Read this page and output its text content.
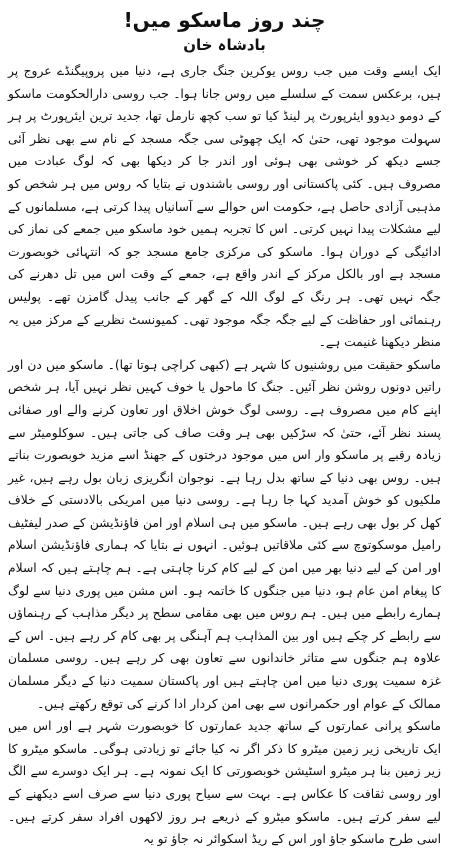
چند روز ماسکو میں!
بادشاہ خان

ایک ایسے وقت میں جب روس یوکرین جنگ جاری ہے، دنیا میں پروپیگنڈے عروج پر ہیں، برعکس سمت کے سلسلے میں روس جانا ہوا۔ جب روسی دارالحکومت ماسکو کے دومو دیدوو ایئرپورٹ پر لینڈ کیا تو سب کچھ نارمل تھا، جدید ترین ایئرپورٹ پر ہر سہولت موجود تھی، حتیٰ کہ ایک چھوٹی سی جگہ مسجد کے نام سے بھی نظر آئی جسے دیکھ کر خوشی بھی ہوئی اور اندر جا کر دیکھا بھی کہ لوگ عبادت میں مصروف ہیں۔ کئی پاکستانی اور روسی باشندوں نے بتایا کہ روس میں ہر شخص کو مذہبی آزادی حاصل ہے، حکومت اس حوالے سے آسانیاں پیدا کرتی ہے، مسلمانوں کے لیے مشکلات پیدا نہیں کرتی۔ اس کا تجربہ ہمیں خود ماسکو میں جمعے کی نماز کی ادائیگی کے دوران ہوا۔ ماسکو کی مرکزی جامع مسجد جو کہ انتہائی خوبصورت مسجد ہے اور بالکل مرکز کے اندر واقع ہے، جمعے کے وقت اس میں تل دھرنے کی جگہ نہیں تھی۔ ہر رنگ کے لوگ اللہ کے گھر کے جانب پیدل گامزن تھے۔ پولیس رہنمائی اور حفاظت کے لیے جگہ جگہ موجود تھی۔ کمیونسٹ نظریے کے مرکز میں یہ منظر دیکھنا غنیمت ہے۔

ماسکو حقیقت میں روشنیوں کا شہر ہے (کبھی کراچی ہوتا تھا)۔ ماسکو میں دن اور راتیں دونوں روشن نظر آئیں۔ جنگ کا ماحول یا خوف کہیں نظر نہیں آیا، ہر شخص اپنے کام میں مصروف ہے۔ روسی لوگ خوش اخلاق اور تعاون کرنے والے اور صفائی پسند نظر آئے، حتیٰ کہ سڑکیں بھی ہر وقت صاف کی جاتی ہیں۔ سوکلومیٹر سے زیادہ رقبے پر ماسکو وار اس میں موجود درختوں کے جھنڈ اسے مزید خوبصورت بناتے ہیں۔ روس بھی دنیا کے ساتھ بدل رہا ہے۔ نوجوان انگریزی زبان بول رہے ہیں، غیر ملکیوں کو خوش آمدید کہا جا رہا ہے۔ روسی دنیا میں امریکی بالادستی کے خلاف کھل کر بول بھی رہے ہیں۔ ماسکو میں ہی اسلام اور امن فاؤنڈیشن کے صدر لیفٹیف رامیل موسکوتوچ سے کئی ملاقاتیں ہوئیں۔ انہوں نے بتایا کہ ہماری فاؤنڈیشن اسلام اور امن کے لیے دنیا بھر میں امن کے لیے کام کرنا چاہتی ہے۔ ہم چاہتے ہیں کہ اسلام کا پیغام امن عام ہو، دنیا میں جنگوں کا خاتمہ ہو۔ اس مشن میں پوری دنیا سے لوگ ہمارے رابطے میں ہیں۔ ہم روس میں بھی مقامی سطح پر دیگر مذاہب کے رہنماؤں سے رابطے کر چکے ہیں اور بین المذاہب ہم آہنگی پر بھی کام کر رہے ہیں۔ اس کے علاوہ ہم جنگوں سے متاثر خاندانوں سے تعاون بھی کر رہے ہیں۔ روسی مسلمان غزہ سمیت پوری دنیا میں امن چاہتے ہیں اور پاکستان سمیت دنیا کے دیگر مسلمان ممالک کے عوام اور حکمرانوں سے بھی امن کردار ادا کرنے کی توقع رکھتے ہیں۔

ماسکو پرانی عمارتوں کے ساتھ جدید عمارتوں کا خوبصورت شہر ہے اور اس میں ایک تاریخی زیر زمین میٹرو کا ذکر اگر نہ کیا جائے تو زیادتی ہوگی۔ ماسکو میٹرو کا زیر زمین بنا ہر میٹرو اسٹیشن خوبصورتی کا ایک نمونہ ہے۔ ہر ایک دوسرے سے الگ اور روسی ثقافت کا عکاس ہے۔ بہت سے سیاح پوری دنیا سے صرف اسے دیکھنے کے لیے سفر کرتے ہیں۔ ماسکو میٹرو کے ذریعے ہر روز لاکھوں افراد سفر کرتے ہیں۔ اسی طرح ماسکو جاؤ اور اس کے ریڈ اسکوائر نہ جاؤ تو یہ
